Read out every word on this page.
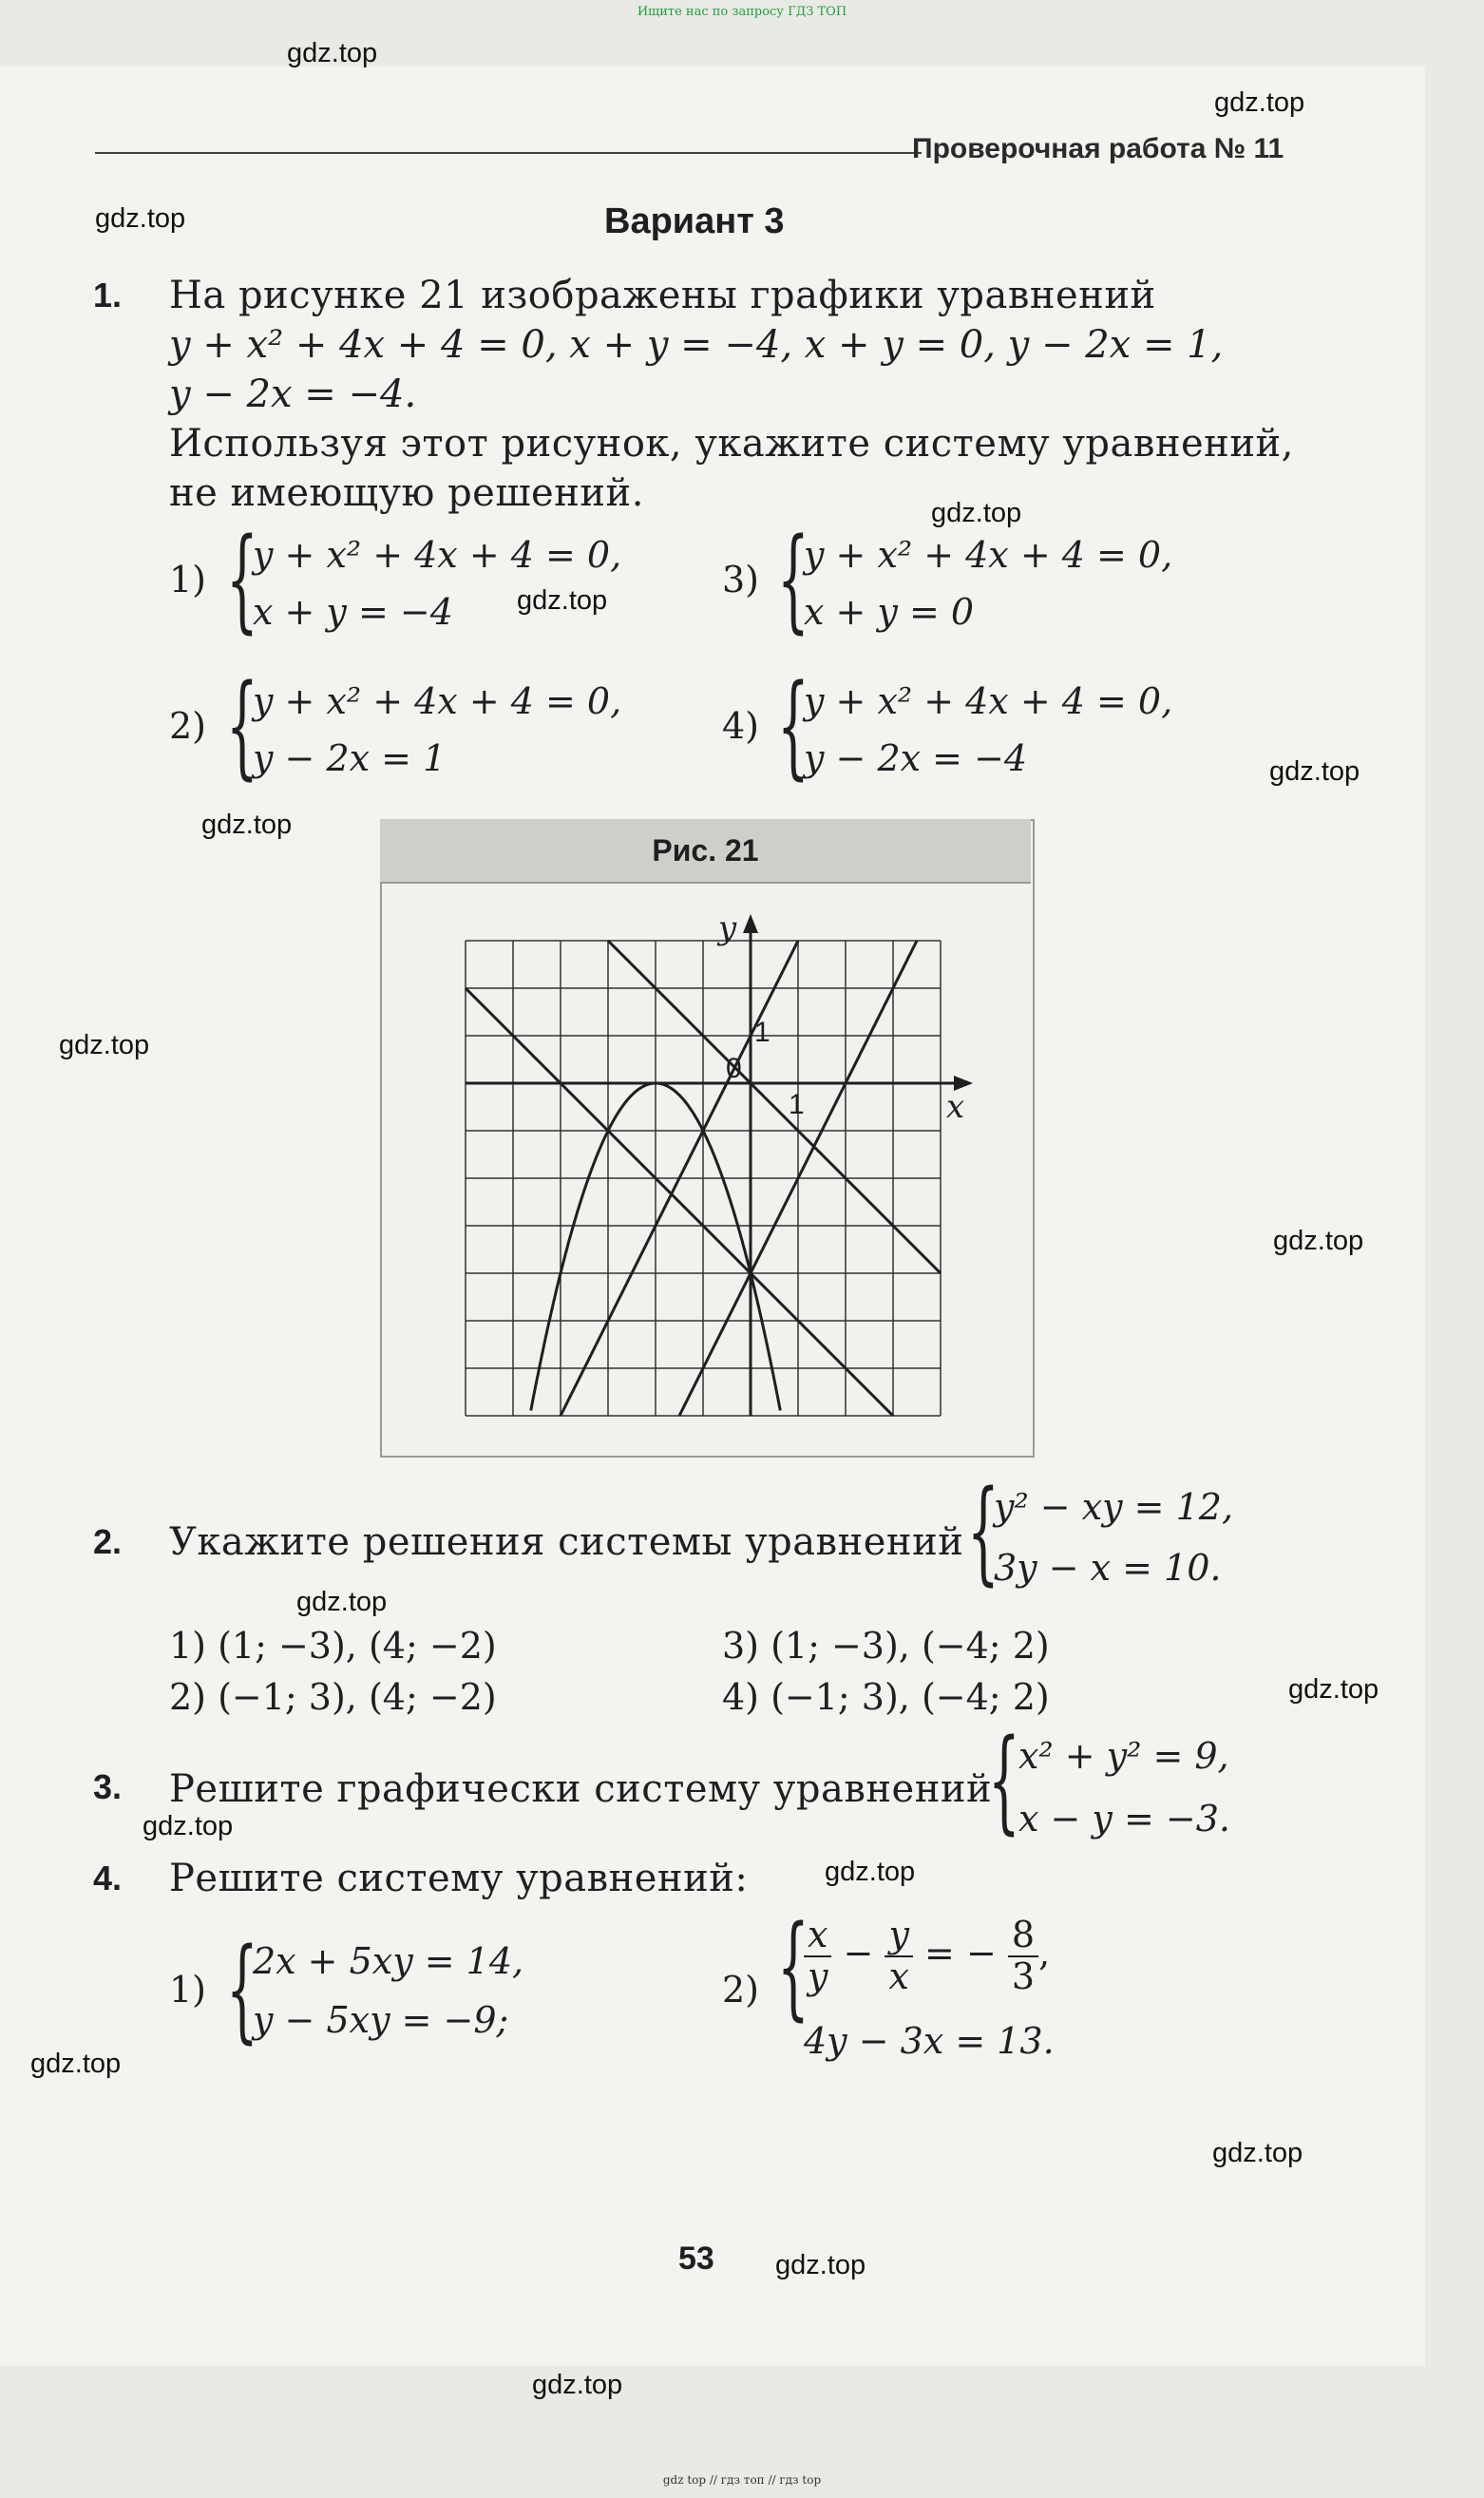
Ищите нас по запросу ГДЗ ТОП
gdz.top
gdz.top
gdz.top
gdz.top
gdz.top
gdz.top
gdz.top
gdz.top
gdz.top
gdz.top
gdz.top
gdz.top
gdz.top
gdz.top
gdz.top
gdz.top
gdz.top
Проверочная работа № 11
Вариант 3
1. На рисунке 21 изображены графики уравнений
y + x² + 4x + 4 = 0, x + y = −4, x + y = 0, y − 2x = 1,
y − 2x = −4.
Используя этот рисунок, укажите систему уравнений,
не имеющую решений.
1) {
y + x² + 4x + 4 = 0,
x + y = −4
3) {
y + x² + 4x + 4 = 0,
x + y = 0
2) {
y + x² + 4x + 4 = 0,
y − 2x = 1
4) {
y + x² + 4x + 4 = 0,
y − 2x = −4
Рис. 21
y
x
0
1
1
2. Укажите решения системы уравнений {
y² − xy = 12,
3y − x = 10.
1) (1; −3), (4; −2)	3) (1; −3), (−4; 2)
2) (−1; 3), (4; −2)	4) (−1; 3), (−4; 2)
3. Решите графически систему уравнений
{
x² + y² = 9,
x − y = −3.
4. Решите систему уравнений:
1) {
2x + 5xy = 14,
y − 5xy = −9;
2) {
$\frac{x}{y} - \frac{y}{x}$ = − $\frac{8}{3}$ ,
4y − 3x = 13.
53
gdz top // гдз топ // гдз top
